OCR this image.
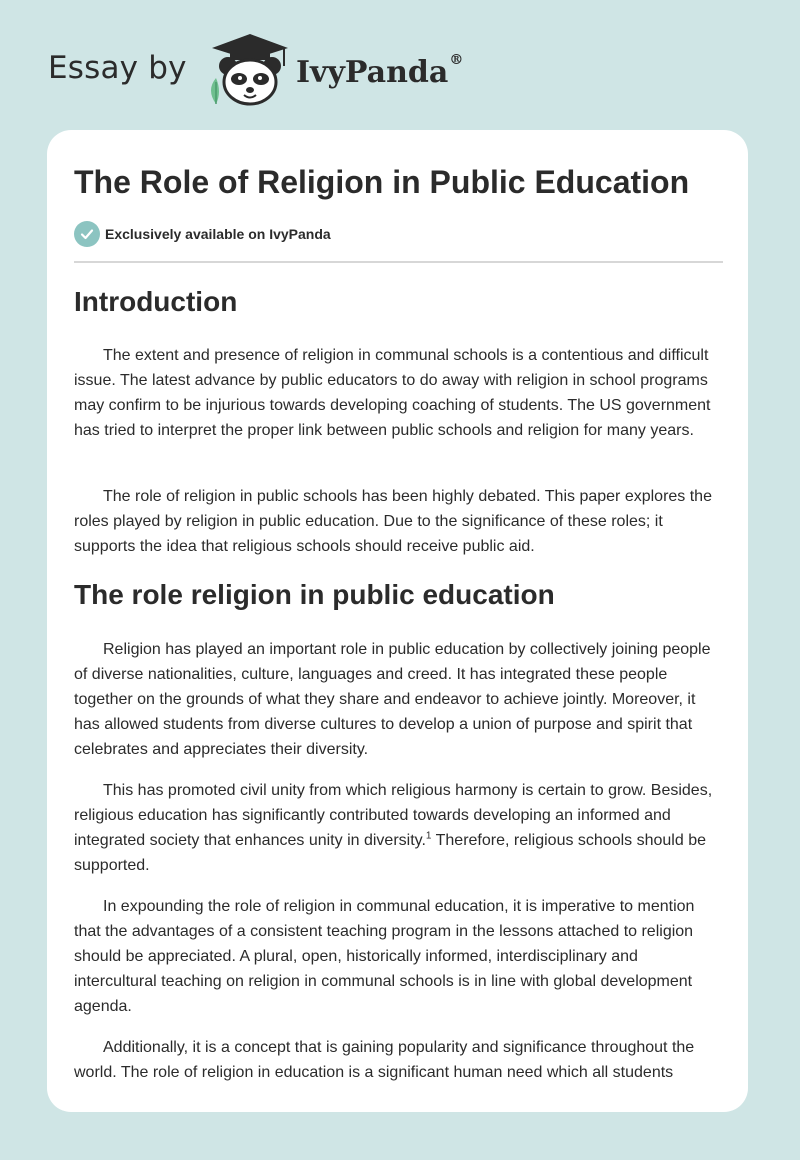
Essay by	IvyPanda®
The Role of Religion in Public Education
Exclusively available on IvyPanda
Introduction

The extent and presence of religion in communal schools is a contentious and difficult issue. The latest advance by public educators to do away with religion in school programs may confirm to be injurious towards developing coaching of students. The US government has tried to interpret the proper link between public schools and religion for many years.

The role of religion in public schools has been highly debated. This paper explores the roles played by religion in public education. Due to the significance of these roles; it supports the idea that religious schools should receive public aid.

The role religion in public education

Religion has played an important role in public education by collectively joining people of diverse nationalities, culture, languages and creed. It has integrated these people together on the grounds of what they share and endeavor to achieve jointly. Moreover, it has allowed students from diverse cultures to develop a union of purpose and spirit that celebrates and appreciates their diversity.

This has promoted civil unity from which religious harmony is certain to grow. Besides, religious education has significantly contributed towards developing an informed and integrated society that enhances unity in diversity.$^1$ Therefore, religious schools should be supported.

In expounding the role of religion in communal education, it is imperative to mention that the advantages of a consistent teaching program in the lessons attached to religion should be appreciated. A plural, open, historically informed, interdisciplinary and intercultural teaching on religion in communal schools is in line with global development agenda.

Additionally, it is a concept that is gaining popularity and significance throughout the world. The role of religion in education is a significant human need which all students
